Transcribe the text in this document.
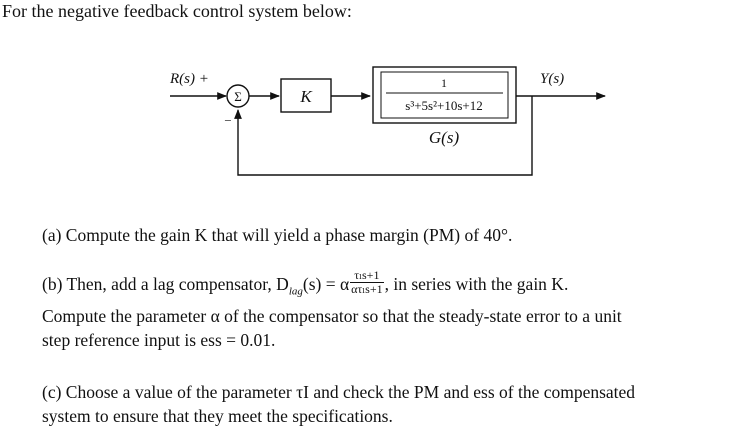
For the negative feedback control system below:
R(s) +
Σ
−
K
1
s³+5s²+10s+12
G(s)
Y(s)
(a) Compute the gain K that will yield a phase margin (PM) of 40°.
(b) Then, add a lag compensator, $D_{lag}(s) = \alpha \frac{\text{τₗs+1}}{\text{ατₗs+1}}$ , in series with the gain K.
Compute the parameter α of the compensator so that the steady-state error to a unit
step reference input is ess = 0.01.
(c) Choose a value of the parameter τI and check the PM and ess of the compensated
system to ensure that they meet the specifications.
